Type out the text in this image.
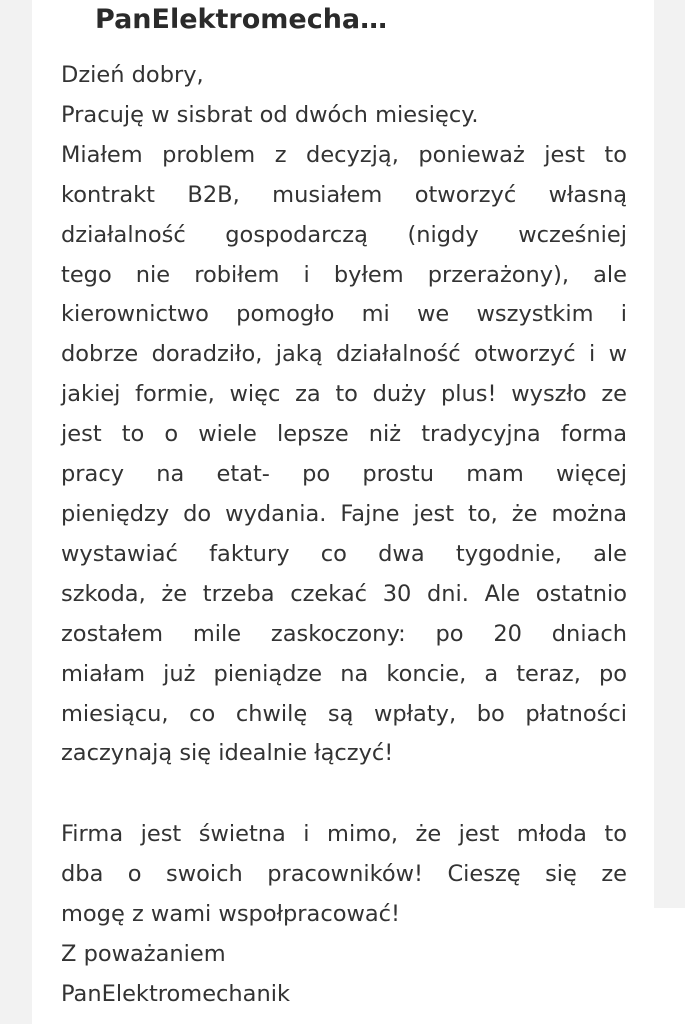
PanElektromecha…

Dzień dobry,

Pracuję w sisbrat od dwóch miesięcy.

Miałem problem z decyzją, ponieważ jest to

kontrakt B2B, musiałem otworzyć własną

działalność gospodarczą (nigdy wcześniej

tego nie robiłem i byłem przerażony), ale

kierownictwo pomogło mi we wszystkim i

dobrze doradziło, jaką działalność otworzyć i w

jakiej formie, więc za to duży plus! wyszło ze

jest to o wiele lepsze niż tradycyjna forma

pracy na etat- po prostu mam więcej

pieniędzy do wydania. Fajne jest to, że można

wystawiać faktury co dwa tygodnie, ale

szkoda, że trzeba czekać 30 dni. Ale ostatnio

zostałem mile zaskoczony: po 20 dniach

miałam już pieniądze na koncie, a teraz, po

miesiącu, co chwilę są wpłaty, bo płatności

zaczynają się idealnie łączyć!

Firma jest świetna i mimo, że jest młoda to

dba o swoich pracowników! Cieszę się ze

mogę z wami wspołpracować!

Z poważaniem

PanElektromechanik
